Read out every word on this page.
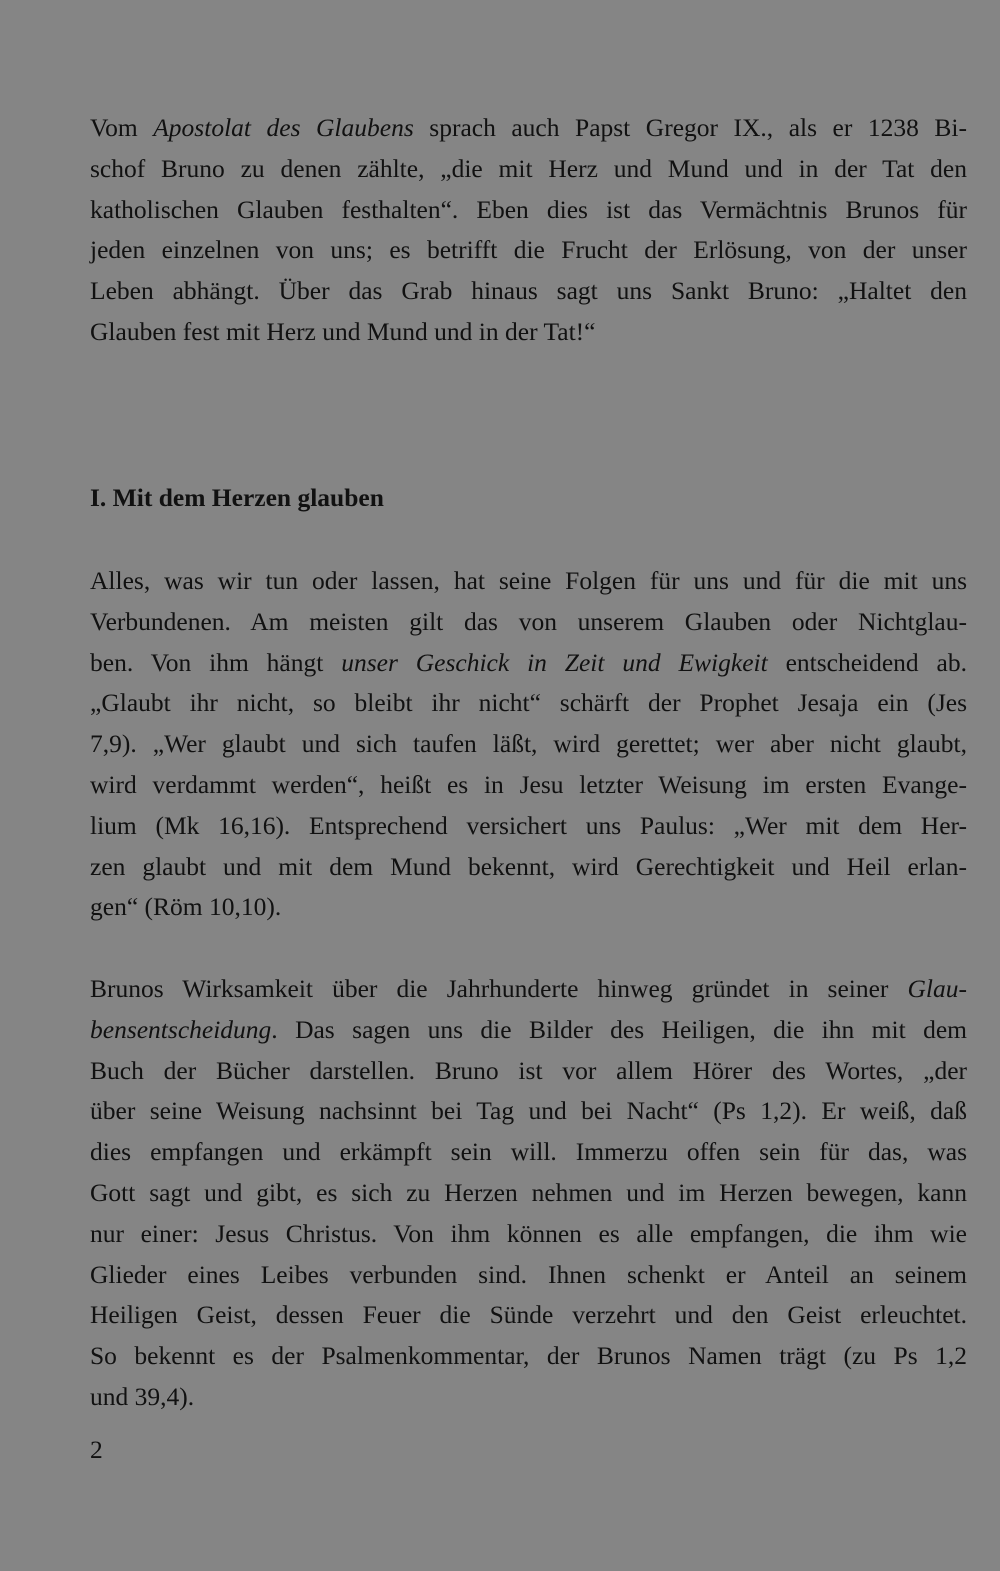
Vom Apostolat des Glaubens sprach auch Papst Gregor IX., als er 1238 Bi-
schof Bruno zu denen zählte, „die mit Herz und Mund und in der Tat den
katholischen Glauben festhalten“. Eben dies ist das Vermächtnis Brunos für
jeden einzelnen von uns; es betrifft die Frucht der Erlösung, von der unser
Leben abhängt. Über das Grab hinaus sagt uns Sankt Bruno: „Haltet den
Glauben fest mit Herz und Mund und in der Tat!“
I. Mit dem Herzen glauben
Alles, was wir tun oder lassen, hat seine Folgen für uns und für die mit uns
Verbundenen. Am meisten gilt das von unserem Glauben oder Nichtglau-
ben. Von ihm hängt unser Geschick in Zeit und Ewigkeit entscheidend ab.
„Glaubt ihr nicht, so bleibt ihr nicht“ schärft der Prophet Jesaja ein (Jes
7,9). „Wer glaubt und sich taufen läßt, wird gerettet; wer aber nicht glaubt,
wird verdammt werden“, heißt es in Jesu letzter Weisung im ersten Evange-
lium (Mk 16,16). Entsprechend versichert uns Paulus: „Wer mit dem Her-
zen glaubt und mit dem Mund bekennt, wird Gerechtigkeit und Heil erlan-
gen“ (Röm 10,10).
Brunos Wirksamkeit über die Jahrhunderte hinweg gründet in seiner Glau-
bensentscheidung. Das sagen uns die Bilder des Heiligen, die ihn mit dem
Buch der Bücher darstellen. Bruno ist vor allem Hörer des Wortes, „der
über seine Weisung nachsinnt bei Tag und bei Nacht“ (Ps 1,2). Er weiß, daß
dies empfangen und erkämpft sein will. Immerzu offen sein für das, was
Gott sagt und gibt, es sich zu Herzen nehmen und im Herzen bewegen, kann
nur einer: Jesus Christus. Von ihm können es alle empfangen, die ihm wie
Glieder eines Leibes verbunden sind. Ihnen schenkt er Anteil an seinem
Heiligen Geist, dessen Feuer die Sünde verzehrt und den Geist erleuchtet.
So bekennt es der Psalmenkommentar, der Brunos Namen trägt (zu Ps 1,2
und 39,4).

2
